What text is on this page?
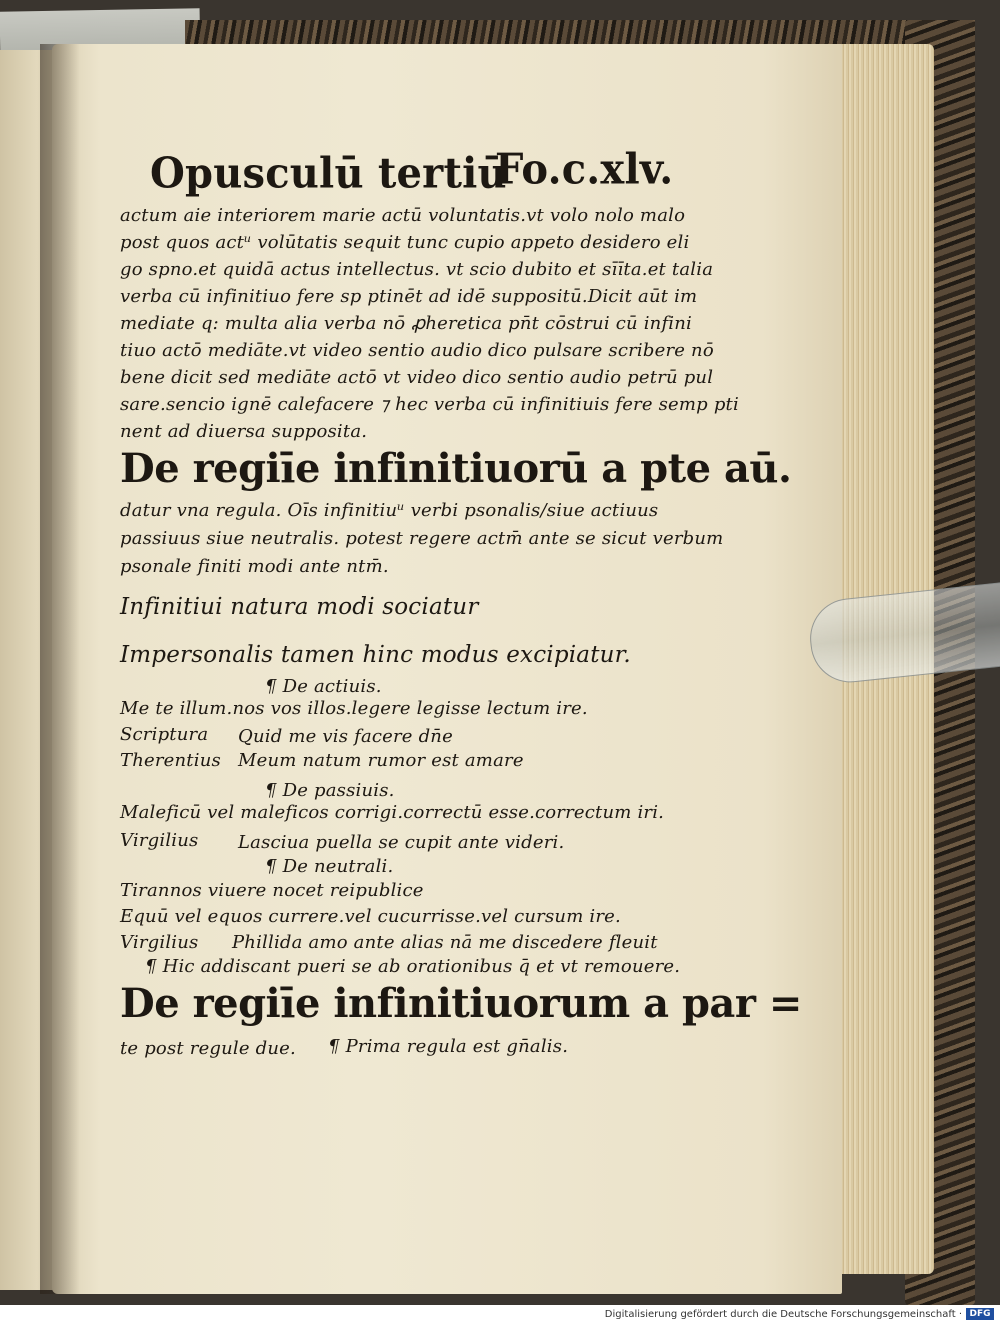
Opusculū tertiū
Fo.c.xlv.
actum aie interiorem marie actū voluntatis.vt volo nolo malo
post quos actᵘ volūtatis sequit tunc cupio appeto desidero eli
go spno.et quidā actus intellectus. vt scio dubito et sīīta.et talia
verba cū infinitiuo fere sp ptinēt ad idē suppositū.Dicit aūt im
mediate q: multa alia verba nō ꝓheretica pn̄t cōstrui cū infini
tiuo actō mediāte.vt video sentio audio dico pulsare scribere nō
bene dicit sed mediāte actō vt video dico sentio audio petrū pul
sare.sencio ignē calefacere ⁊ hec verba cū infinitiuis fere semp pti
nent ad diuersa supposita.
De regiīe infinitiuorū a pte aū.
datur vna regula. Oīs infinitiuᵘ verbi psonalis/siue actiuus
passiuus siue neutralis. potest regere actm̄ ante se sicut verbum
psonale finiti modi ante ntm̄.
Infinitiui natura modi sociatur
Impersonalis tamen hinc modus excipiatur.
¶ De actiuis.
Me te illum.nos vos illos.legere legisse lectum ire.
Scriptura Quid me vis facere dn̄e
Therentius Meum natum rumor est amare
¶ De passiuis.
Maleficū vel maleficos corrigi.correctū esse.correctum iri.
Virgilius Lasciua puella se cupit ante videri.
¶ De neutrali.
Tirannos viuere nocet reipublice
Equū vel equos currere.vel cucurrisse.vel cursum ire.
Virgilius Phillida amo ante alias nā me discedere fleuit
¶ Hic addiscant pueri se ab orationibus q̄ et vt remouere.
De regiīe infinitiuorum a par =
te post regule due. ¶ Prima regula est gn̄alis.
Digitalisierung gefördert durch die Deutsche Forschungsgemeinschaft · DFG
